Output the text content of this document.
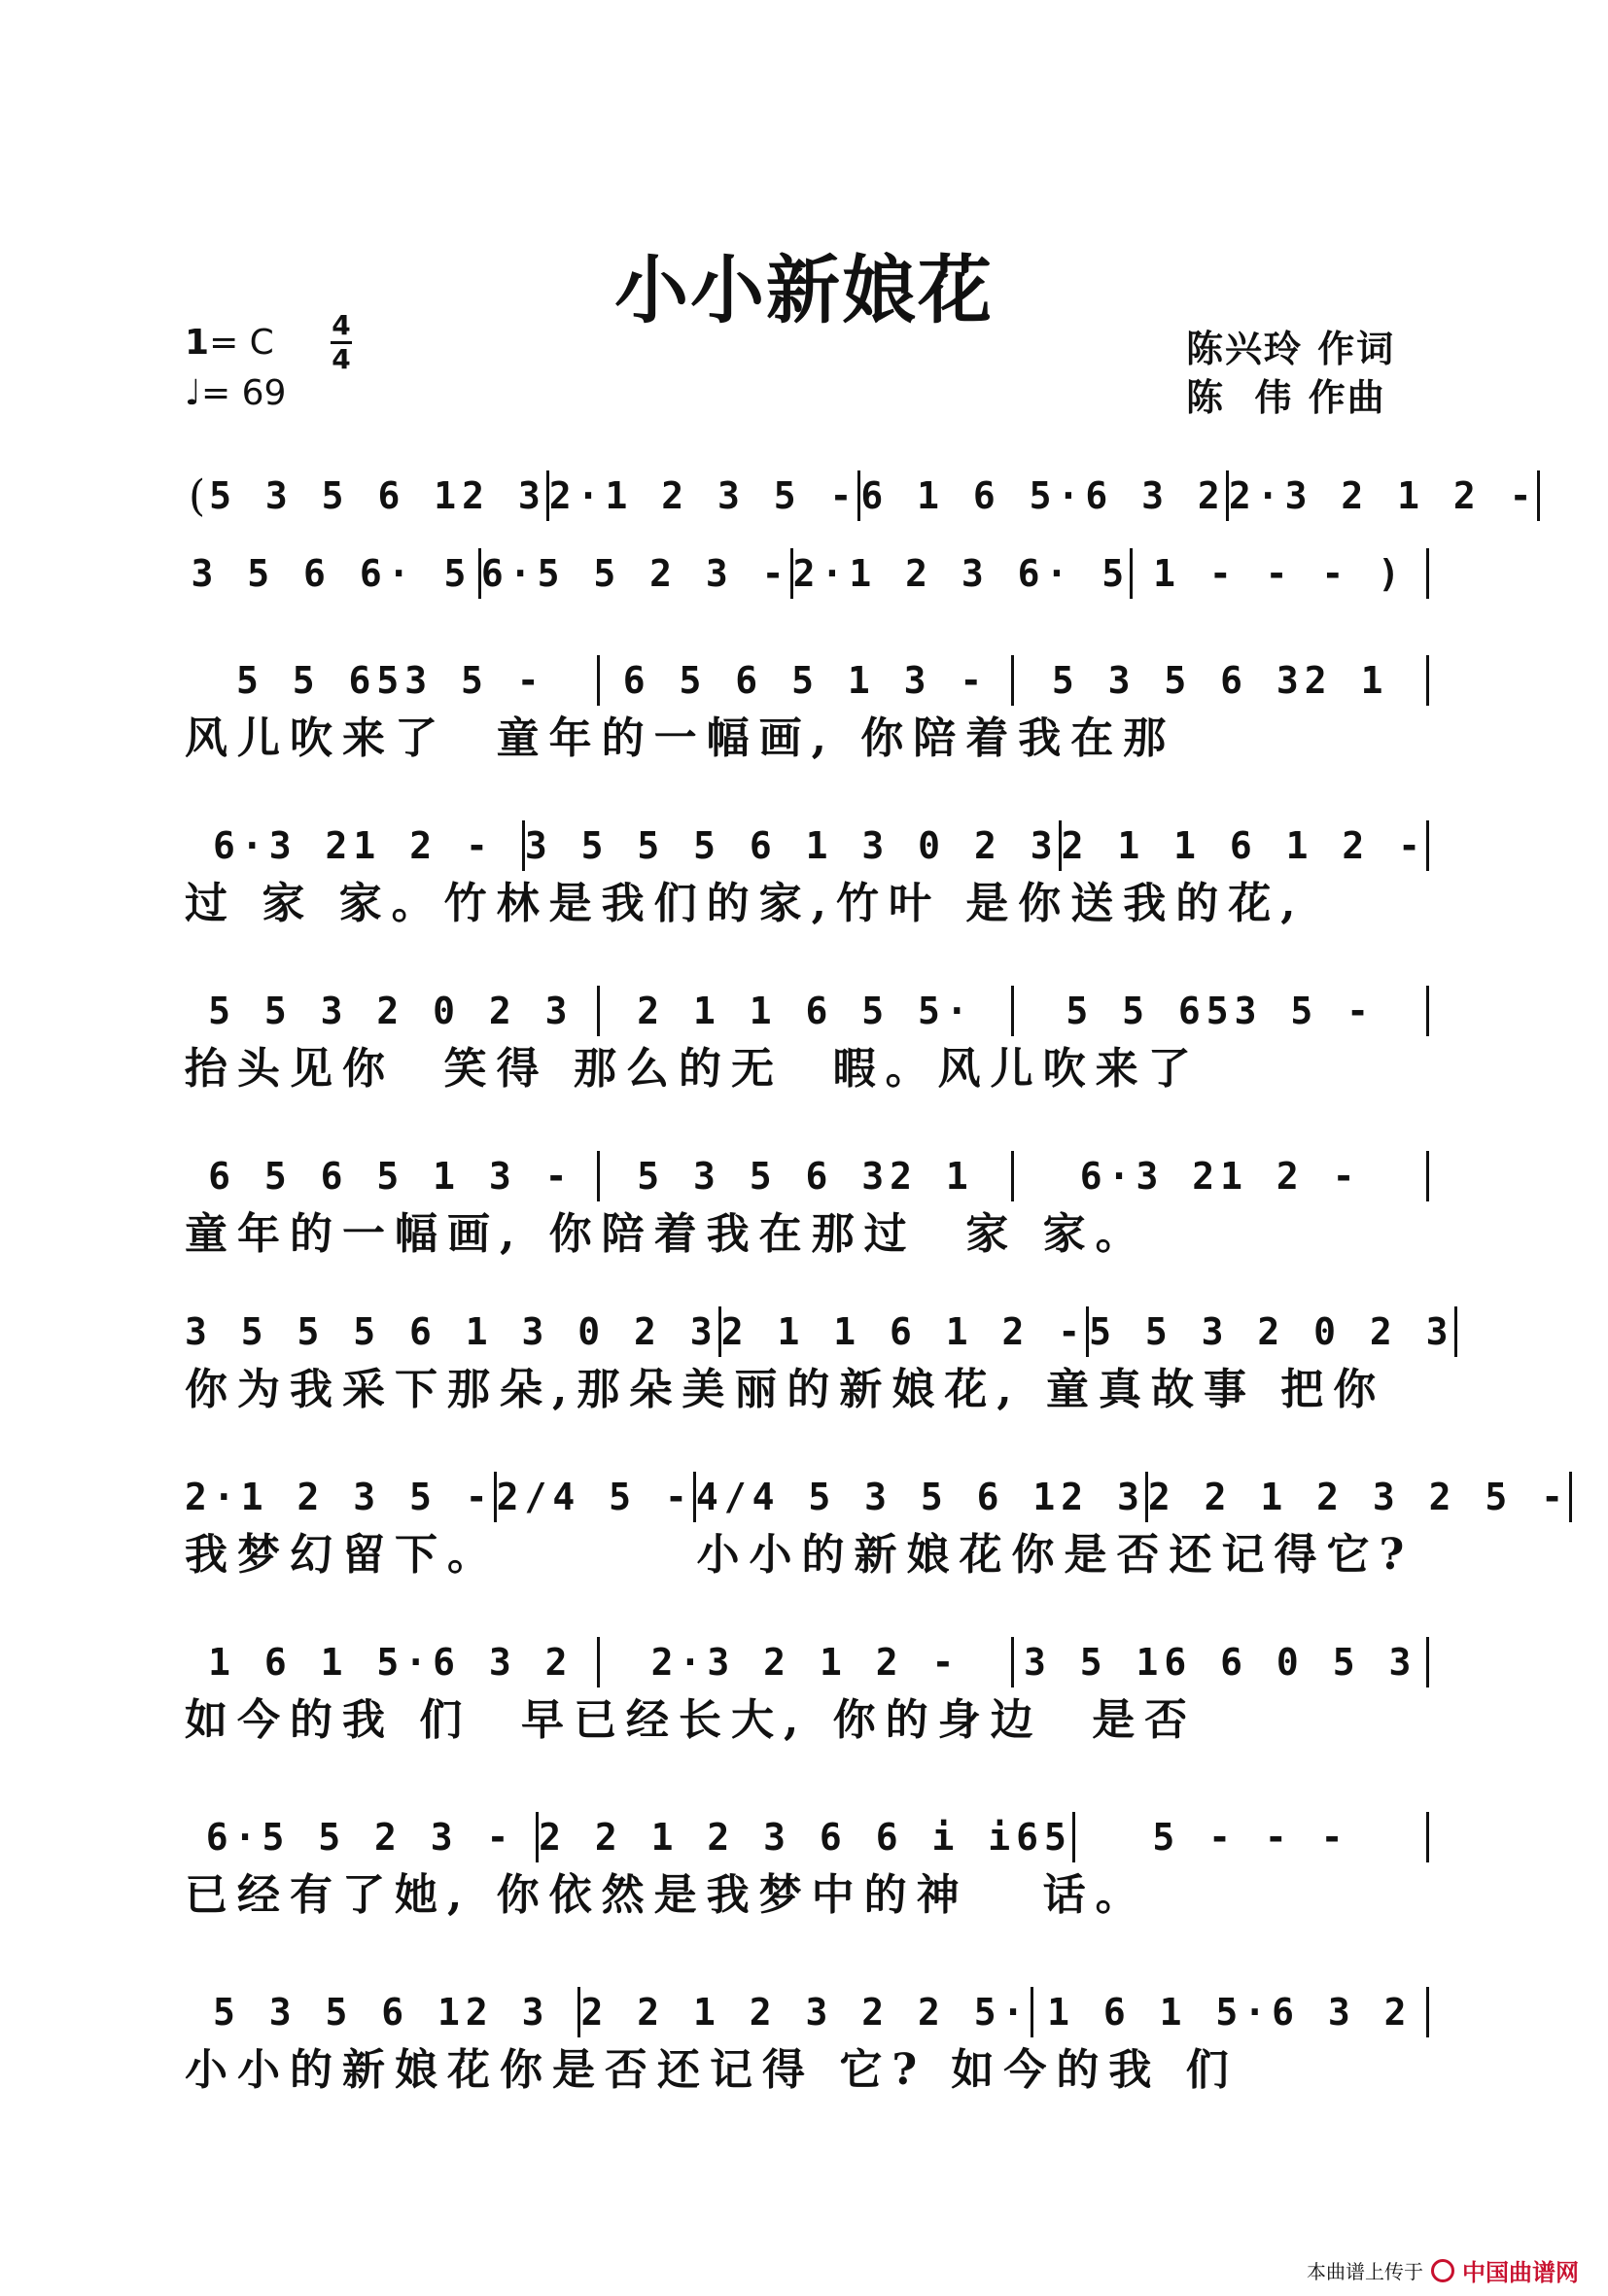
小小新娘花
1= C 4
4
♩= 69
陈兴玲 作词
陈  伟 作曲
( 5 3 5 6 12 3 2·1 2 3 5 - 6 1 6 5·6 3 2 2·3 2 1 2 -
3 5 6 6· 5 6·5 5 2 3 - 2·1 2 3 6· 5 1 - - - )
5 5 653 5 -	6 5 6 5 1 3 -	5 3 5 6 32 1
风儿吹来了  童年的一幅画, 你陪着我在那
6·3 21 2 - 3 5 5 5 6 1 3 0 2 3 2 1 1 6 1 2 -
过 家 家。竹林是我们的家,竹叶 是你送我的花,
5 5 3 2 0 2 3	2 1 1 6 5 5·	5 5 653 5 -
抬头见你  笑得 那么的无  暇。风儿吹来了
6 5 6 5 1 3 -	5 3 5 6 32 1	6·3 21 2 -
童年的一幅画, 你陪着我在那过  家 家。
3 5 5 5 6 1 3 0 2 3 2 1 1 6 1 2 - 5 5 3 2 0 2 3
你为我采下那朵,那朵美丽的新娘花, 童真故事 把你
2·1 2 3 5 - 2/4 5 - 4/4 5 3 5 6 12 3 2 2 1 2 3 2 5 -
我梦幻留下。        小小的新娘花你是否还记得它?
1 6 1 5·6 3 2	2·3 2 1 2 -	3 5 16 6 0 5 3
如今的我 们  早已经长大, 你的身边  是否
6·5 5 2 3 - 2 2 1 2 3 6 6 i i65	5 - - -
已经有了她, 你依然是我梦中的神   话。
5 3 5 6 12 3 2 2 1 2 3 2 2 5· 1 6 1 5·6 3 2
小小的新娘花你是否还记得 它? 如今的我 们
本曲谱上传于 中国曲谱网
